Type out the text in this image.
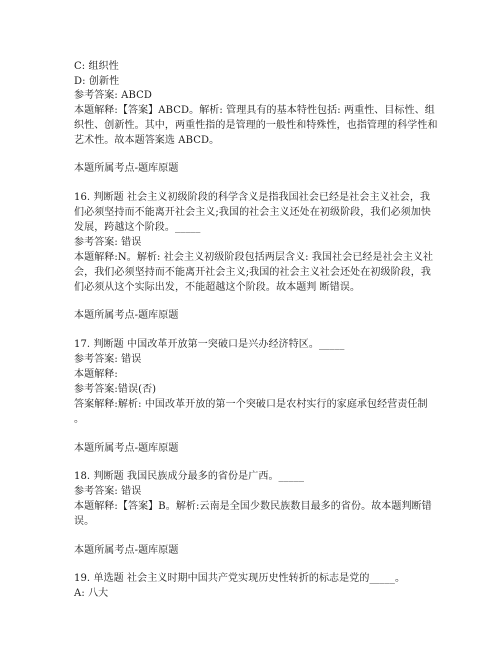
C: 组织性
D: 创新性
参考答案: ABCD
本题解释:【答案】ABCD。解析: 管理具有的基本特性包括: 两重性、目标性、组
织性、创新性。其中，两重性指的是管理的一般性和特殊性，也指管理的科学性和
艺术性。故本题答案选 ABCD。
本题所属考点-题库原题
16. 判断题 社会主义初级阶段的科学含义是指我国社会已经是社会主义社会，我
们必须坚持而不能离开社会主义;我国的社会主义还处在初级阶段，我们必须加快
发展，跨越这个阶段。_____
参考答案: 错误
本题解释:N。解析: 社会主义初级阶段包括两层含义: 我国社会已经是社会主义社
会，我们必须坚持而不能离开社会主义;我国的社会主义社会还处在初级阶段，我
们必须从这个实际出发，不能超越这个阶段。故本题判 断错误。
本题所属考点-题库原题
17. 判断题 中国改革开放第一突破口是兴办经济特区。_____
参考答案: 错误
本题解释:
参考答案:错误(否)
答案解释:解析: 中国改革开放的第一个突破口是农村实行的家庭承包经营责任制
。
本题所属考点-题库原题
18. 判断题 我国民族成分最多的省份是广西。_____
参考答案: 错误
本题解释:【答案】B。解析:云南是全国少数民族数目最多的省份。故本题判断错
误。
本题所属考点-题库原题
19. 单选题 社会主义时期中国共产党实现历史性转折的标志是党的_____。
A: 八大
